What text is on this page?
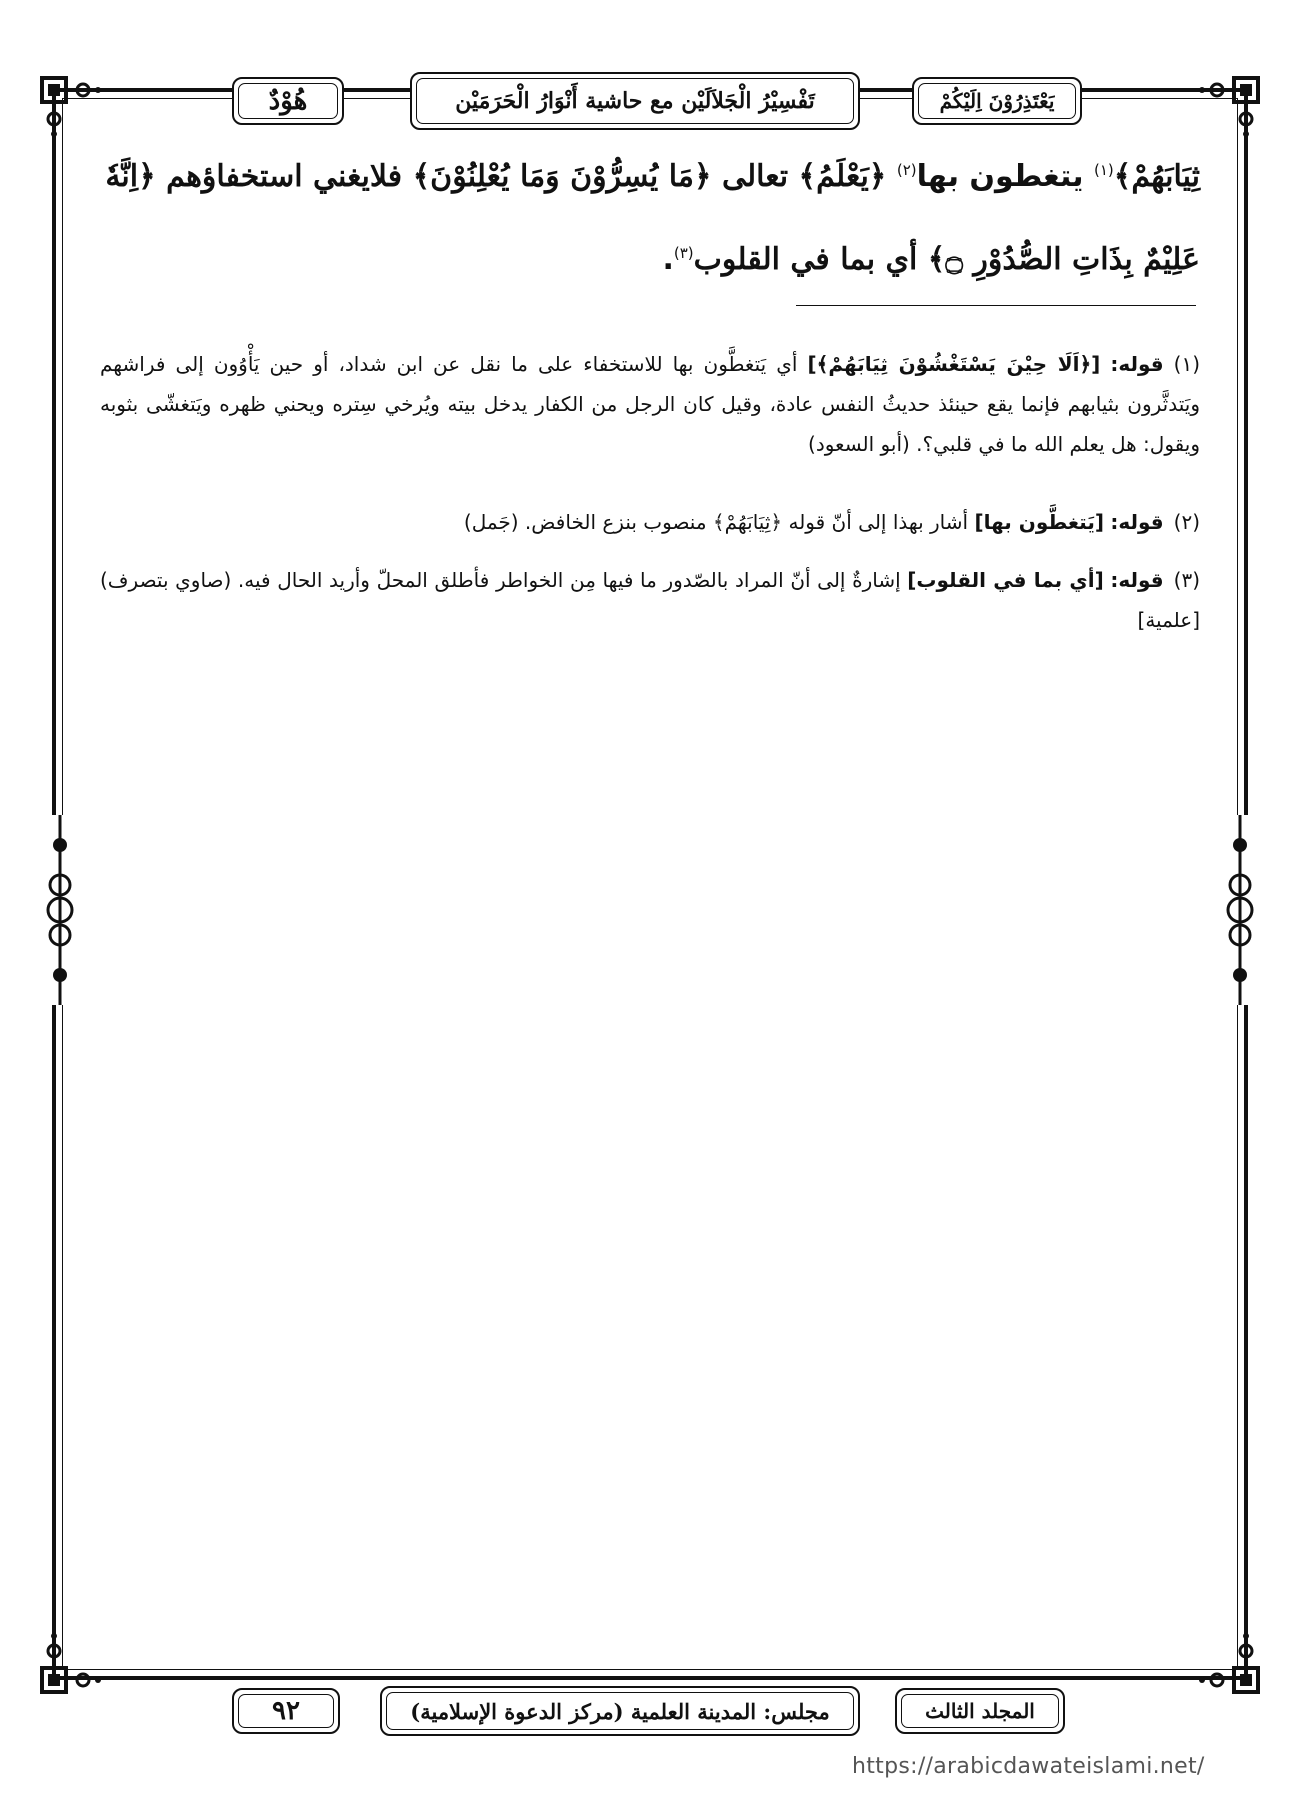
هُوْدٌ	تَفْسِيْرُ الْجَلاَلَيْن مع حاشية أَنْوَارُ الْحَرَمَيْن	يَعْتَذِرُوْنَ اِلَيْكُمْ
ثِيَابَهُمْ﴾$^{(١)}$ يتغطون بها$^{(٢)}$ ﴿يَعْلَمُ﴾ تعالى ﴿مَا يُسِرُّوْنَ وَمَا يُعْلِنُوْنَ﴾ فلايغني استخفاؤهم ﴿اِنَّهٗ
عَلِيْمٌ بِذَاتِ الصُّدُوْرِ ۝﴾ أي بما في القلوب$^{(٣)}$.
(١)قوله: [﴿اَلَا حِيْنَ يَسْتَغْشُوْنَ ثِيَابَهُمْ﴾] أي يَتغطَّون بها للاستخفاء على ما نقل عن ابن شداد، أو حين يَأْوُون إلى فراشهم ويَتدثَّرون بثيابهم فإنما يقع حينئذ حديثُ النفس عادة، وقيل كان الرجل من الكفار يدخل بيته ويُرخي سِتره ويحني ظهره ويَتغشّى بثوبه ويقول: هل يعلم الله ما في قلبي؟. (أبو السعود)
(٢)قوله: [يَتغطَّون بها] أشار بهذا إلى أنّ قوله ﴿ثِيَابَهُمْ﴾ منصوب بنزع الخافض. (جَمل)
(٣)قوله: [أي بما في القلوب] إشارةٌ إلى أنّ المراد بالصّدور ما فيها مِن الخواطر فأطلق المحلّ وأريد الحال فيه. (صاوي بتصرف) [علمية]
٩٢	مجلس: المدينة العلمية (مركز الدعوة الإسلامية)	المجلد الثالث
https://arabicdawateislami.net/
